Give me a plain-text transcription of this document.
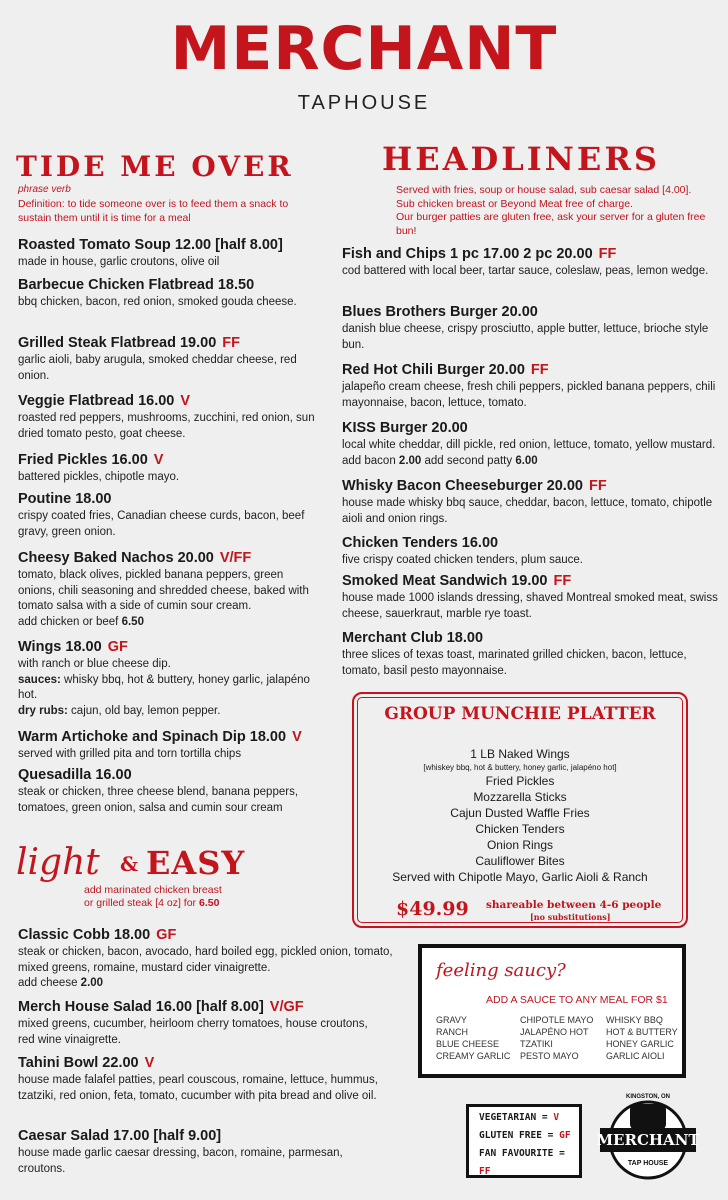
MERCHANT
TAPHOUSE
TIDE ME OVER
phrase verb
Definition: to tide someone over is to feed them a snack to sustain them until it is time for a meal
Roasted Tomato Soup 12.00 [half 8.00]
made in house, garlic croutons, olive oil
Barbecue Chicken Flatbread 18.50
bbq chicken, bacon, red onion, smoked gouda cheese.
Grilled Steak Flatbread 19.00 FF
garlic aioli, baby arugula, smoked cheddar cheese, red onion.
Veggie Flatbread 16.00 V
roasted red peppers, mushrooms, zucchini, red onion, sun dried tomato pesto, goat cheese.
Fried Pickles 16.00 V
battered pickles, chipotle mayo.
Poutine 18.00
crispy coated fries, Canadian cheese curds, bacon, beef gravy, green onion.
Cheesy Baked Nachos 20.00 V/FF
tomato, black olives, pickled banana peppers, green onions, chili seasoning and shredded cheese, baked with tomato salsa with a side of cumin sour cream.
add chicken or beef 6.50
Wings 18.00 GF
with ranch or blue cheese dip.
sauces: whisky bbq, hot & buttery, honey garlic, jalapéno hot.
dry rubs: cajun, old bay, lemon pepper.
Warm Artichoke and Spinach Dip 18.00 V
served with grilled pita and torn tortilla chips
Quesadilla 16.00
steak or chicken, three cheese blend, banana peppers, tomatoes, green onion, salsa and cumin sour cream
light & EASY
add marinated chicken breast
or grilled steak [4 oz] for 6.50
Classic Cobb 18.00 GF
steak or chicken, bacon, avocado, hard boiled egg, pickled onion, tomato, mixed greens, romaine, mustard cider vinaigrette.
add cheese 2.00
Merch House Salad 16.00 [half 8.00] V/GF
mixed greens, cucumber, heirloom cherry tomatoes, house croutons, red wine vinaigrette.
Tahini Bowl 22.00 V
house made falafel patties, pearl couscous, romaine, lettuce, hummus, tzatziki, red onion, feta, tomato, cucumber with pita bread and olive oil.
Caesar Salad 17.00 [half 9.00]
house made garlic caesar dressing, bacon, romaine, parmesan, croutons.
HEADLINERS
Served with fries, soup or house salad, sub caesar salad [4.00].
Sub chicken breast or Beyond Meat free of charge.
Our burger patties are gluten free, ask your server for a gluten free bun!
Fish and Chips 1 pc 17.00 2 pc 20.00 FF
cod battered with local beer, tartar sauce, coleslaw, peas, lemon wedge.
Blues Brothers Burger 20.00
danish blue cheese, crispy prosciutto, apple butter, lettuce, brioche style bun.
Red Hot Chili Burger 20.00 FF
jalapeño cream cheese, fresh chili peppers, pickled banana peppers, chili mayonnaise, bacon, lettuce, tomato.
KISS Burger 20.00
local white cheddar, dill pickle, red onion, lettuce, tomato, yellow mustard. add bacon 2.00 add second patty 6.00
Whisky Bacon Cheeseburger 20.00 FF
house made whisky bbq sauce, cheddar, bacon, lettuce, tomato, chipotle aioli and onion rings.
Chicken Tenders 16.00
five crispy coated chicken tenders, plum sauce.
Smoked Meat Sandwich 19.00 FF
house made 1000 islands dressing, shaved Montreal smoked meat, swiss cheese, sauerkraut, marble rye toast.
Merchant Club 18.00
three slices of texas toast, marinated grilled chicken, bacon, lettuce, tomato, basil pesto mayonnaise.
GROUP MUNCHIE PLATTER
1 LB Naked Wings
[whiskey bbq, hot & buttery, honey garlic, jalapéno hot]
Fried Pickles
Mozzarella Sticks
Cajun Dusted Waffle Fries
Chicken Tenders
Onion Rings
Cauliflower Bites
Served with Chipotle Mayo, Garlic Aioli & Ranch
$49.99 shareable between 4-6 people
[no substitutions]
feeling saucy?
ADD A SAUCE TO ANY MEAL FOR $1
GRAVY
RANCH
BLUE CHEESE
CREAMY GARLIC
CHIPOTLE MAYO
JALAPÉNO HOT
TZATIKI
PESTO MAYO
WHISKY BBQ
HOT & BUTTERY
HONEY GARLIC
GARLIC AIOLI
VEGETARIAN = V
GLUTEN FREE = GF
FAN FAVOURITE = FF
KINGSTON, ON
MERCHANT
TAP HOUSE
